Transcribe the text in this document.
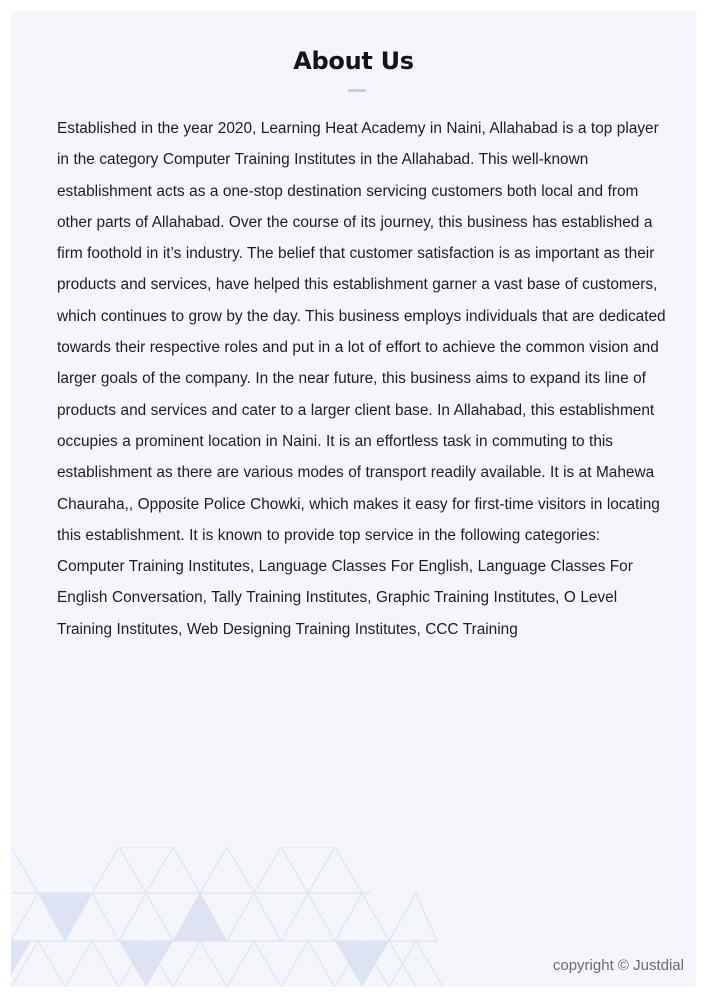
About Us

Established in the year 2020, Learning Heat Academy in Naini, Allahabad is a top player in the category Computer Training Institutes in the Allahabad. This well-known establishment acts as a one-stop destination servicing customers both local and from other parts of Allahabad. Over the course of its journey, this business has established a firm foothold in it’s industry. The belief that customer satisfaction is as important as their products and services, have helped this establishment garner a vast base of customers, which continues to grow by the day. This business employs individuals that are dedicated towards their respective roles and put in a lot of effort to achieve the common vision and larger goals of the company. In the near future, this business aims to expand its line of products and services and cater to a larger client base. In Allahabad, this establishment occupies a prominent location in Naini. It is an effortless task in commuting to this establishment as there are various modes of transport readily available. It is at Mahewa Chauraha,, Opposite Police Chowki, which makes it easy for first-time visitors in locating this establishment. It is known to provide top service in the following categories: Computer Training Institutes, Language Classes For English, Language Classes For English Conversation, Tally Training Institutes, Graphic Training Institutes, O Level Training Institutes, Web Designing Training Institutes, CCC Training

copyright © Justdial
